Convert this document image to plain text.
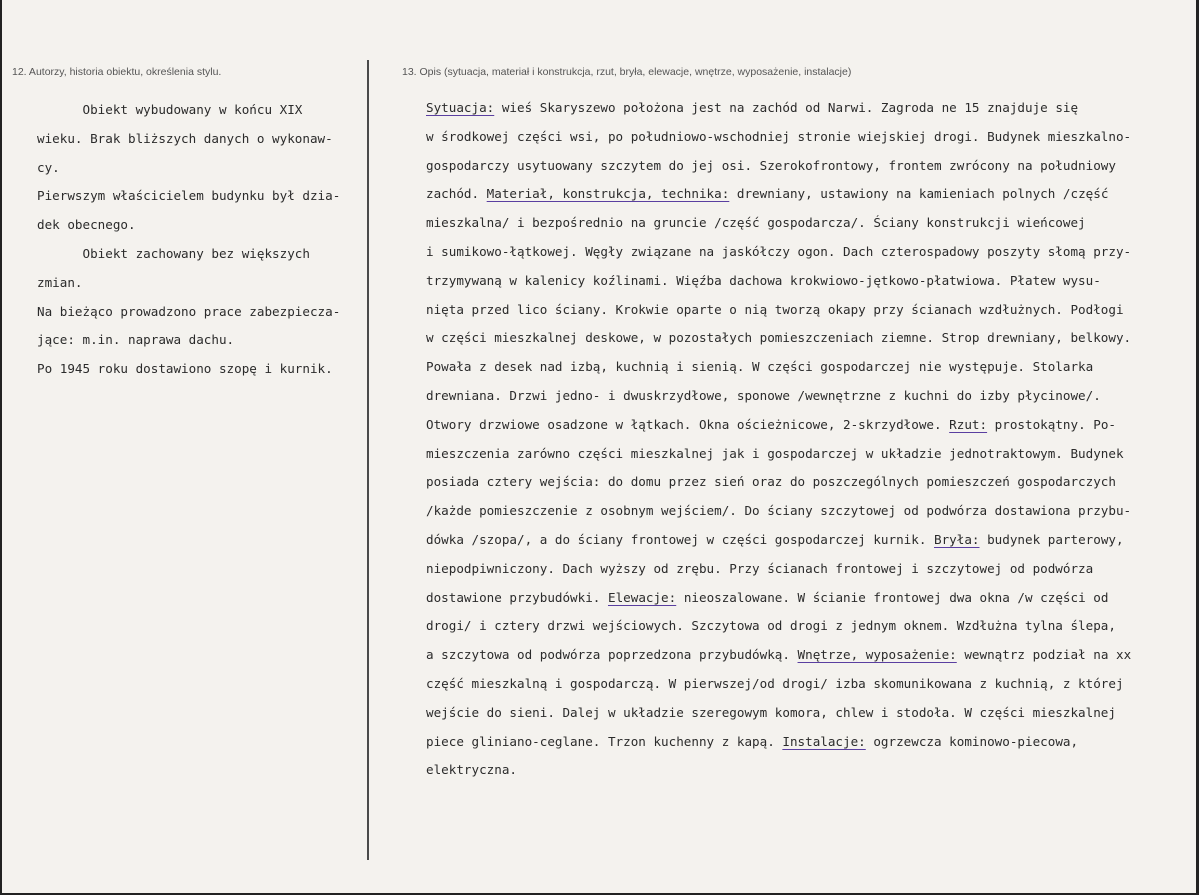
12. Autorzy, historia obiektu, określenia stylu.	13. Opis (sytuacja, materiał i konstrukcja, rzut, bryła, elewacje, wnętrze, wyposażenie, instalacje)
Obiekt wybudowany w końcu XIX
wieku. Brak bliższych danych o wykonaw-
cy.
Pierwszym właścicielem budynku był dzia-
dek obecnego.
Obiekt zachowany bez większych
zmian.
Na bieżąco prowadzono prace zabezpiecza-
jące: m.in. naprawa dachu.
Po 1945 roku dostawiono szopę i kurnik.
Sytuacja: wieś Skaryszewo położona jest na zachód od Narwi. Zagroda ne 15 znajduje się
w środkowej części wsi, po południowo-wschodniej stronie wiejskiej drogi. Budynek mieszkalno-
gospodarczy usytuowany szczytem do jej osi. Szerokofrontowy, frontem zwrócony na południowy
zachód. Materiał, konstrukcja, technika: drewniany, ustawiony na kamieniach polnych /część
mieszkalna/ i bezpośrednio na gruncie /część gospodarcza/. Ściany konstrukcji wieńcowej
i sumikowo-łątkowej. Węgły związane na jaskółczy ogon. Dach czterospadowy poszyty słomą przy-
trzymywaną w kalenicy koźlinami. Więźba dachowa krokwiowo-jętkowo-płatwiowa. Płatew wysu-
nięta przed lico ściany. Krokwie oparte o nią tworzą okapy przy ścianach wzdłużnych. Podłogi
w części mieszkalnej deskowe, w pozostałych pomieszczeniach ziemne. Strop drewniany, belkowy.
Powała z desek nad izbą, kuchnią i sienią. W części gospodarczej nie występuje. Stolarka
drewniana. Drzwi jedno- i dwuskrzydłowe, sponowe /wewnętrzne z kuchni do izby płycinowe/.
Otwory drzwiowe osadzone w łątkach. Okna ościeżnicowe, 2-skrzydłowe. Rzut: prostokątny. Po-
mieszczenia zarówno części mieszkalnej jak i gospodarczej w układzie jednotraktowym. Budynek
posiada cztery wejścia: do domu przez sień oraz do poszczególnych pomieszczeń gospodarczych
/każde pomieszczenie z osobnym wejściem/. Do ściany szczytowej od podwórza dostawiona przybu-
dówka /szopa/, a do ściany frontowej w części gospodarczej kurnik. Bryła: budynek parterowy,
niepodpiwniczony. Dach wyższy od zrębu. Przy ścianach frontowej i szczytowej od podwórza
dostawione przybudówki. Elewacje: nieoszalowane. W ścianie frontowej dwa okna /w części od
drogi/ i cztery drzwi wejściowych. Szczytowa od drogi z jednym oknem. Wzdłużna tylna ślepa,
a szczytowa od podwórza poprzedzona przybudówką. Wnętrze, wyposażenie: wewnątrz podział na xx
część mieszkalną i gospodarczą. W pierwszej/od drogi/ izba skomunikowana z kuchnią, z której
wejście do sieni. Dalej w układzie szeregowym komora, chlew i stodoła. W części mieszkalnej
piece gliniano-ceglane. Trzon kuchenny z kapą. Instalacje: ogrzewcza kominowo-piecowa,
elektryczna.
